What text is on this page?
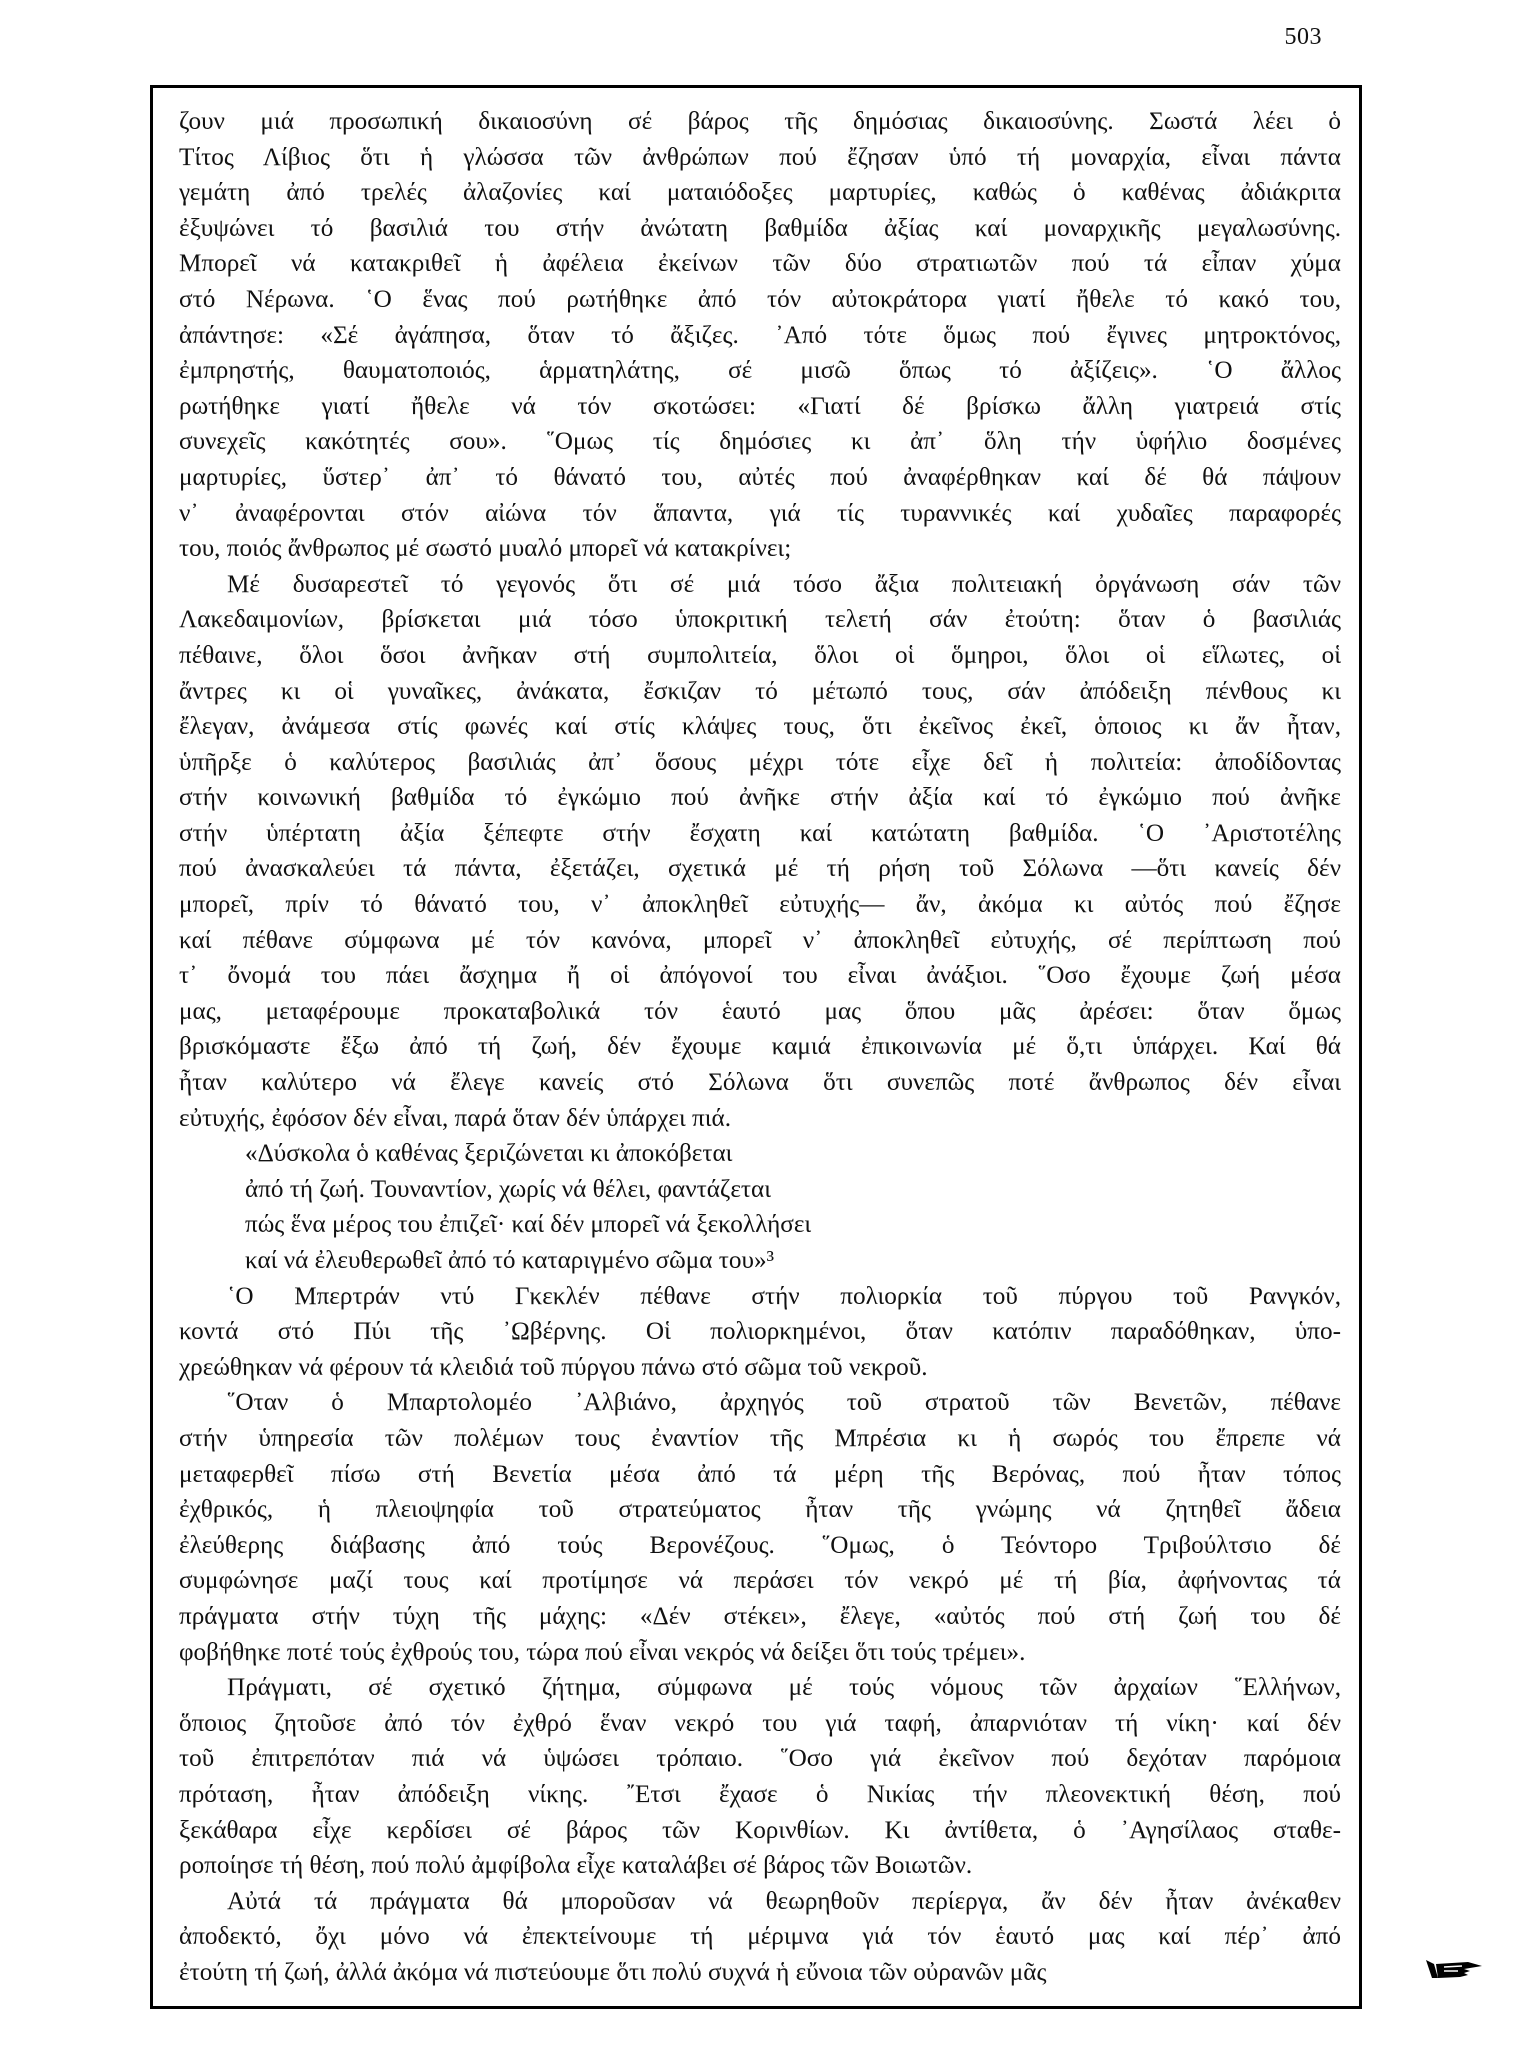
503
ζουν μιά προσωπική δικαιοσύνη σέ βάρος τῆς δημόσιας δικαιοσύνης. Σωστά λέει ὁ
Τίτος Λίβιος ὅτι ἡ γλώσσα τῶν ἀνθρώπων πού ἔζησαν ὑπό τή μοναρχία, εἶναι πάντα
γεμάτη ἀπό τρελές ἀλαζονίες καί ματαιόδοξες μαρτυρίες, καθώς ὁ καθένας ἀδιάκριτα
ἐξυψώνει τό βασιλιά του στήν ἀνώτατη βαθμίδα ἀξίας καί μοναρχικῆς μεγαλωσύνης.
Μπορεῖ νά κατακριθεῖ ἡ ἀφέλεια ἐκείνων τῶν δύο στρατιωτῶν πού τά εἶπαν χύμα
στό Νέρωνα. ῾Ο ἕνας πού ρωτήθηκε ἀπό τόν αὐτοκράτορα γιατί ἤθελε τό κακό του,
ἀπάντησε: «Σέ ἀγάπησα, ὅταν τό ἄξιζες. ᾽Από τότε ὅμως πού ἔγινες μητροκτόνος,
ἐμπρηστής, θαυματοποιός, ἁρματηλάτης, σέ μισῶ ὅπως τό ἀξίζεις». ῾Ο ἄλλος
ρωτήθηκε γιατί ἤθελε νά τόν σκοτώσει: «Γιατί δέ βρίσκω ἄλλη γιατρειά στίς
συνεχεῖς κακότητές σου». ῞Ομως τίς δημόσιες κι ἀπ᾽ ὅλη τήν ὑφήλιο δοσμένες
μαρτυρίες, ὕστερ᾽ ἀπ᾽ τό θάνατό του, αὐτές πού ἀναφέρθηκαν καί δέ θά πάψουν
ν᾽ ἀναφέρονται στόν αἰώνα τόν ἅπαντα, γιά τίς τυραννικές καί χυδαῖες παραφορές
του, ποιός ἄνθρωπος μέ σωστό μυαλό μπορεῖ νά κατακρίνει;
Μέ δυσαρεστεῖ τό γεγονός ὅτι σέ μιά τόσο ἄξια πολιτειακή ὀργάνωση σάν τῶν
Λακεδαιμονίων, βρίσκεται μιά τόσο ὑποκριτική τελετή σάν ἐτούτη: ὅταν ὁ βασιλιάς
πέθαινε, ὅλοι ὅσοι ἀνῆκαν στή συμπολιτεία, ὅλοι οἱ ὅμηροι, ὅλοι οἱ εἵλωτες, οἱ
ἄντρες κι οἱ γυναῖκες, ἀνάκατα, ἔσκιζαν τό μέτωπό τους, σάν ἀπόδειξη πένθους κι
ἔλεγαν, ἀνάμεσα στίς φωνές καί στίς κλάψες τους, ὅτι ἐκεῖνος ἐκεῖ, ὁποιος κι ἄν ἦταν,
ὑπῆρξε ὁ καλύτερος βασιλιάς ἀπ᾽ ὅσους μέχρι τότε εἶχε δεῖ ἡ πολιτεία: ἀποδίδοντας
στήν κοινωνική βαθμίδα τό ἐγκώμιο πού ἀνῆκε στήν ἀξία καί τό ἐγκώμιο πού ἀνῆκε
στήν ὑπέρτατη ἀξία ξέπεφτε στήν ἔσχατη καί κατώτατη βαθμίδα. ῾Ο ᾽Αριστοτέλης
πού ἀνασκαλεύει τά πάντα, ἐξετάζει, σχετικά μέ τή ρήση τοῦ Σόλωνα —ὅτι κανείς δέν
μπορεῖ, πρίν τό θάνατό του, ν᾽ ἀποκληθεῖ εὐτυχής— ἄν, ἀκόμα κι αὐτός πού ἔζησε
καί πέθανε σύμφωνα μέ τόν κανόνα, μπορεῖ ν᾽ ἀποκληθεῖ εὐτυχής, σέ περίπτωση πού
τ᾽ ὄνομά του πάει ἄσχημα ἤ οἱ ἀπόγονοί του εἶναι ἀνάξιοι. ῞Οσο ἔχουμε ζωή μέσα
μας, μεταφέρουμε προκαταβολικά τόν ἑαυτό μας ὅπου μᾶς ἀρέσει: ὅταν ὅμως
βρισκόμαστε ἔξω ἀπό τή ζωή, δέν ἔχουμε καμιά ἐπικοινωνία μέ ὅ,τι ὑπάρχει. Καί θά
ἦταν καλύτερο νά ἔλεγε κανείς στό Σόλωνα ὅτι συνεπῶς ποτέ ἄνθρωπος δέν εἶναι
εὐτυχής, ἐφόσον δέν εἶναι, παρά ὅταν δέν ὑπάρχει πιά.
«Δύσκολα ὁ καθένας ξεριζώνεται κι ἀποκόβεται
ἀπό τή ζωή. Τουναντίον, χωρίς νά θέλει, φαντάζεται
πώς ἕνα μέρος του ἐπιζεῖ· καί δέν μπορεῖ νά ξεκολλήσει
καί νά ἐλευθερωθεῖ ἀπό τό καταριγμένο σῶμα του»³
῾Ο Μπερτράν ντύ Γκεκλέν πέθανε στήν πολιορκία τοῦ πύργου τοῦ Ρανγκόν,
κοντά στό Πύι τῆς ᾽Ωβέρνης. Οἱ πολιορκημένοι, ὅταν κατόπιν παραδόθηκαν, ὑπο-
χρεώθηκαν νά φέρουν τά κλειδιά τοῦ πύργου πάνω στό σῶμα τοῦ νεκροῦ.
῞Οταν ὁ Μπαρτολομέο ᾽Αλβιάνο, ἀρχηγός τοῦ στρατοῦ τῶν Βενετῶν, πέθανε
στήν ὑπηρεσία τῶν πολέμων τους ἐναντίον τῆς Μπρέσια κι ἡ σωρός του ἔπρεπε νά
μεταφερθεῖ πίσω στή Βενετία μέσα ἀπό τά μέρη τῆς Βερόνας, πού ἦταν τόπος
ἐχθρικός, ἡ πλειοψηφία τοῦ στρατεύματος ἦταν τῆς γνώμης νά ζητηθεῖ ἄδεια
ἐλεύθερης διάβασης ἀπό τούς Βερονέζους. ῞Ομως, ὁ Τεόντορο Τριβούλτσιο δέ
συμφώνησε μαζί τους καί προτίμησε νά περάσει τόν νεκρό μέ τή βία, ἀφήνοντας τά
πράγματα στήν τύχη τῆς μάχης: «Δέν στέκει», ἔλεγε, «αὐτός πού στή ζωή του δέ
φοβήθηκε ποτέ τούς ἐχθρούς του, τώρα πού εἶναι νεκρός νά δείξει ὅτι τούς τρέμει».
Πράγματι, σέ σχετικό ζήτημα, σύμφωνα μέ τούς νόμους τῶν ἀρχαίων ῞Ελλήνων,
ὅποιος ζητοῦσε ἀπό τόν ἐχθρό ἕναν νεκρό του γιά ταφή, ἀπαρνιόταν τή νίκη· καί δέν
τοῦ ἐπιτρεπόταν πιά νά ὑψώσει τρόπαιο. ῞Οσο γιά ἐκεῖνον πού δεχόταν παρόμοια
πρόταση, ἦταν ἀπόδειξη νίκης. ῎Ετσι ἔχασε ὁ Νικίας τήν πλεονεκτική θέση, πού
ξεκάθαρα εἶχε κερδίσει σέ βάρος τῶν Κορινθίων. Κι ἀντίθετα, ὁ ᾽Αγησίλαος σταθε-
ροποίησε τή θέση, πού πολύ ἀμφίβολα εἶχε καταλάβει σέ βάρος τῶν Βοιωτῶν.
Αὐτά τά πράγματα θά μποροῦσαν νά θεωρηθοῦν περίεργα, ἄν δέν ἦταν ἀνέκαθεν
ἀποδεκτό, ὄχι μόνο νά ἐπεκτείνουμε τή μέριμνα γιά τόν ἑαυτό μας καί πέρ᾽ ἀπό
ἐτούτη τή ζωή, ἀλλά ἀκόμα νά πιστεύουμε ὅτι πολύ συχνά ἡ εὔνοια τῶν οὐρανῶν μᾶς
